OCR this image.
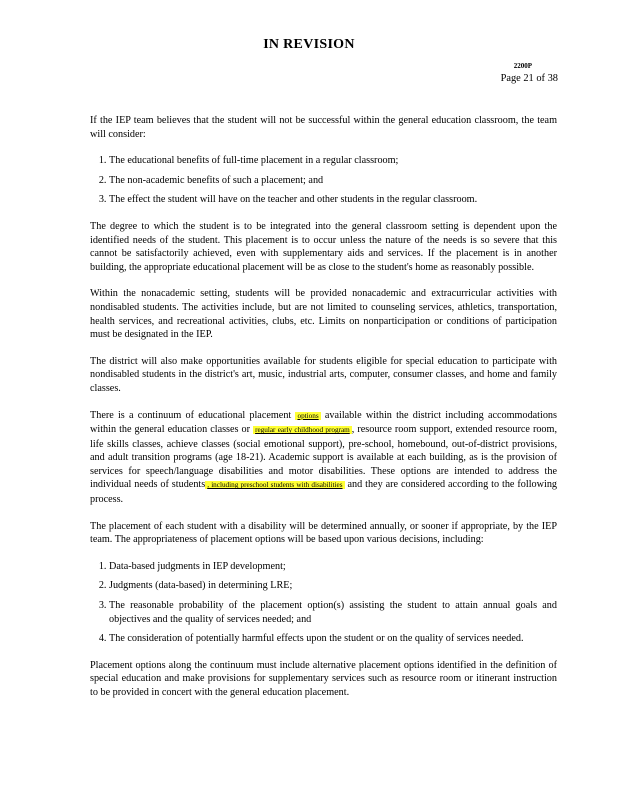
IN REVISION
2200P
Page 21 of 38

If the IEP team believes that the student will not be successful within the general education classroom, the team will consider:

1. The educational benefits of full-time placement in a regular classroom;
2. The non-academic benefits of such a placement; and
3. The effect the student will have on the teacher and other students in the regular classroom.

The degree to which the student is to be integrated into the general classroom setting is dependent upon the identified needs of the student. This placement is to occur unless the nature of the needs is so severe that this cannot be satisfactorily achieved, even with supplementary aids and services. If the placement is in another building, the appropriate educational placement will be as close to the student's home as reasonably possible.

Within the nonacademic setting, students will be provided nonacademic and extracurricular activities with nondisabled students. The activities include, but are not limited to counseling services, athletics, transportation, health services, and recreational activities, clubs, etc. Limits on nonparticipation or conditions of participation must be designated in the IEP.

The district will also make opportunities available for students eligible for special education to participate with nondisabled students in the district's art, music, industrial arts, computer, consumer classes, and home and family classes.

There is a continuum of educational placement options available within the district including accommodations within the general education classes or regular early childhood program , resource room support, extended resource room, life skills classes, achieve classes (social emotional support), pre-school, homebound, out-of-district provisions, and adult transition programs (age 18-21). Academic support is available at each building, as is the provision of services for speech/language disabilities and motor disabilities. These options are intended to address the individual needs of students , including preschool students with disabilities and they are considered according to the following process.

The placement of each student with a disability will be determined annually, or sooner if appropriate, by the IEP team. The appropriateness of placement options will be based upon various decisions, including:

1. Data-based judgments in IEP development;
2. Judgments (data-based) in determining LRE;
3. The reasonable probability of the placement option(s) assisting the student to attain annual goals and objectives and the quality of services needed; and
4. The consideration of potentially harmful effects upon the student or on the quality of services needed.

Placement options along the continuum must include alternative placement options identified in the definition of special education and make provisions for supplementary services such as resource room or itinerant instruction to be provided in concert with the general education placement.
